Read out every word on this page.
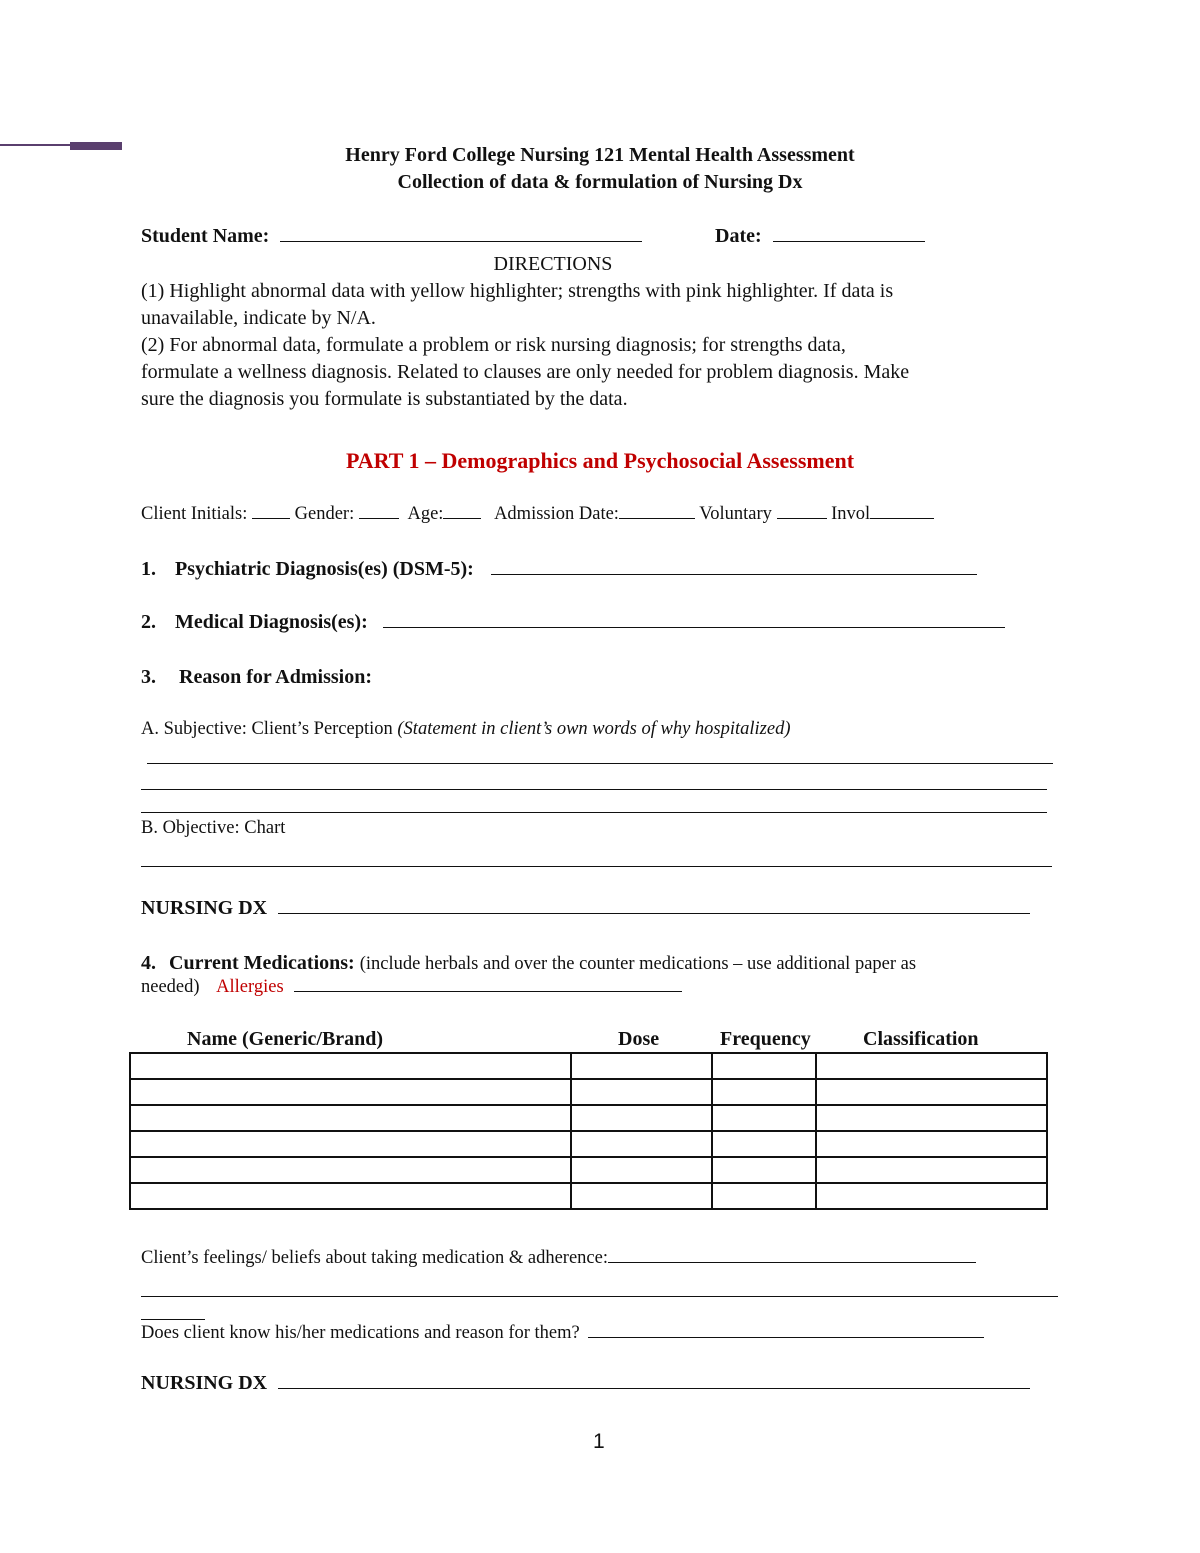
Henry Ford College Nursing 121 Mental Health Assessment
Collection of data & formulation of Nursing Dx
Student Name:	Date:
DIRECTIONS
(1) Highlight abnormal data with yellow highlighter; strengths with pink highlighter. If data is
unavailable, indicate by N/A.
(2) For abnormal data, formulate a problem or risk nursing diagnosis; for strengths data,
formulate a wellness diagnosis. Related to clauses are only needed for problem diagnosis. Make
sure the diagnosis you formulate is substantiated by the data.
PART 1 – Demographics and Psychosocial Assessment
Client Initials:	Gender:	Age:	Admission Date:	Voluntary	Invol
1. Psychiatric Diagnosis(es) (DSM-5):
2. Medical Diagnosis(es):
3. Reason for Admission:
A. Subjective: Client’s Perception (Statement in client’s own words of why hospitalized)
B. Objective: Chart
NURSING DX
4. Current Medications: (include herbals and over the counter medications – use additional paper as
needed) Allergies
Name (Generic/Brand)	Dose	Frequency	Classification

Client’s feelings/ beliefs about taking medication & adherence:
Does client know his/her medications and reason for them?
NURSING DX
1
